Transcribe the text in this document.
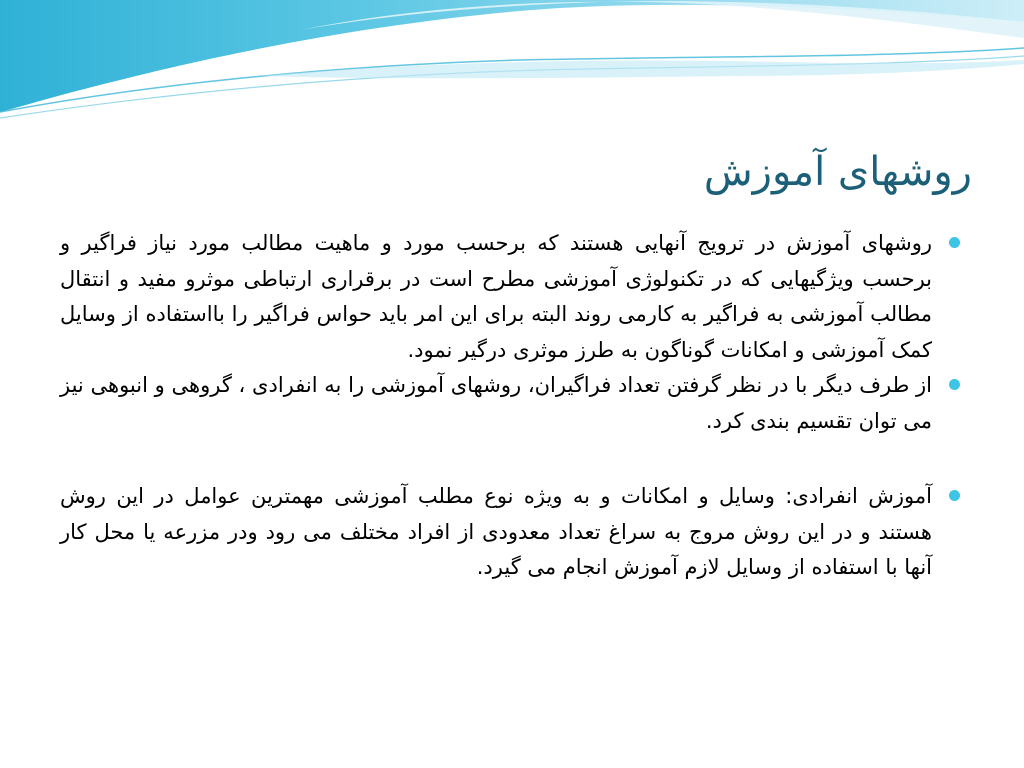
روشهای آموزش

روشهای آموزش در ترویج آنهایی هستند که برحسب مورد و ماهیت مطالب مورد نیاز فراگیر و برحسب ویژگیهایی که در تکنولوژی آموزشی مطرح است در برقراری ارتباطی موثرو مفید و انتقال مطالب آموزشی به فراگیر به کارمی روند البته برای این امر باید حواس فراگیر را بااستفاده از وسایل کمک آموزشی و امکانات گوناگون به طرز موثری درگیر نمود.

از طرف دیگر با در نظر گرفتن تعداد فراگیران، روشهای آموزشی را به انفرادی ، گروهی و انبوهی نیز می توان تقسیم بندی کرد.

آموزش انفرادی: وسایل و امکانات و به ویژه نوع مطلب آموزشی مهمترین عوامل در این روش هستند و در این روش مروج به سراغ تعداد معدودی از افراد مختلف می رود ودر مزرعه یا محل کار آنها با استفاده از وسایل لازم آموزش انجام می گیرد.
